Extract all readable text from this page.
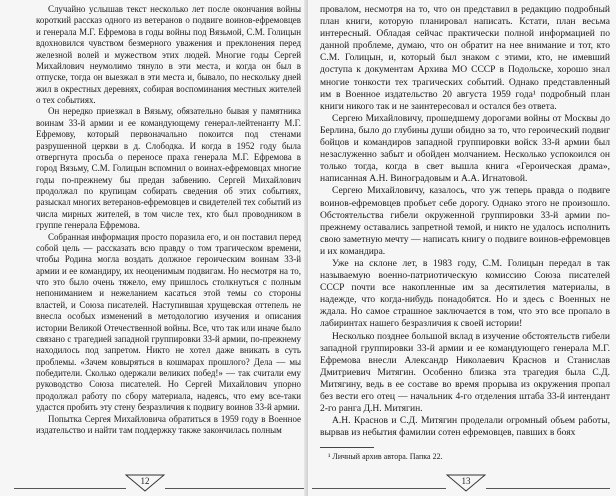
Случайно услышав текст несколько лет после окончания войны короткий рассказ одного из ветеранов о подвиге воинов-ефремовцев и генерала М.Г. Ефремова в годы войны под Вязьмой, С.М. Голицын вдохновился чувством безмерного уважения и преклонения перед железной волей и мужеством этих людей. Многие годы Сергей Михайлович неумолимо тянуло в эти места, и когда он был в отпуске, тогда он выезжал в эти места и, бывало, по нескольку дней жил в окрестных деревнях, собирая воспоминания местных жителей о тех событиях.

Он нередко приезжал в Вязьму, обязательно бывая у памятника воинам 33-й армии и ее командующему генерал-лейтенанту М.Г. Ефремову, который первоначально покоится под стенами разрушенной церкви в д. Слободка. И когда в 1952 году была отвергнута просьба о переносе праха генерала М.Г. Ефремова в город Вязьму, С.М. Голицын вспомнил о воинах-ефремовцах многие годы по-прежнему бы предан забвению. Сергей Михайлович продолжал по крупицам собирать сведения об этих событиях, разыскал многих ветеранов-ефремовцев и свидетелей тех событий из числа мирных жителей, в том числе тех, кто был проводником в группе генерала Ефремова.

Собранная информация просто поразила его, и он поставил перед собой цель — рассказать всю правду о том трагическом времени, чтобы Родина могла воздать должное героическим воинам 33-й армии и ее командиру, их неоценимым подвигам. Но несмотря на то, что это было очень тяжело, ему пришлось столкнуться с полным непониманием и нежеланием касаться этой темы со стороны властей, и Союза писателей. Наступившая хрущевская оттепель не внесла особых изменений в методологию изучения и описания истории Великой Отечественной войны. Все, что так или иначе было связано с трагедией западной группировки 33-й армии, по-прежнему находилось под запретом. Никто не хотел даже вникать в суть проблемы. «Зачем ковыряться в кошмарах прошлого? Дела — мы победители. Сколько одержали великих побед!» — так считали ему руководство Союза писателей. Но Сергей Михайлович упорно продолжал работу по сбору материала, надеясь, что ему все-таки удастся пробить эту стену безразличия к подвигу воинов 33-й армии.

Попытка Сергея Михайловича обратиться в 1959 году в Военное издательство и найти там поддержку также закончилась полным

12

провалом, несмотря на то, что он представил в редакцию подробный план книги, которую планировал написать. Кстати, план весьма интересный. Обладая сейчас практически полной информацией по данной проблеме, думаю, что он обратит на нее внимание и тот, кто С.М. Голицын, и, который был знаком с этими, кто, не имевший доступа к документам Архива МО СССР в Подольске, хорошо знал многие тонкости тех трагических событий. Однако представленный им в Военное издательство 20 августа 1959 года¹ подробный план книги никого так и не заинтересовал и остался без ответа.

Сергею Михайловичу, прошедшему дорогами войны от Москвы до Берлина, было до глубины души обидно за то, что героический подвиг бойцов и командиров западной группировки войск 33-й армии был незаслуженно забыт и обойден молчанием. Несколько успокоился он только тогда, когда в свет вышла книга «Героическая драма», написанная А.Н. Виноградовым и А.А. Игнатовой.

Сергею Михайловичу, казалось, что уж теперь правда о подвиге воинов-ефремовцев пробьет себе дорогу. Однако этого не произошло. Обстоятельства гибели окруженной группировки 33-й армии по-прежнему оставались запретной темой, и никто не удалось исполнить свою заметную мечту — написать книгу о подвиге воинов-ефремовцев и их командира.

Уже на склоне лет, в 1983 году, С.М. Голицын передал в так называемую военно-патриотическую комиссию Союза писателей СССР почти все накопленные им за десятилетия материалы, в надежде, что когда-нибудь понадобятся. Но и здесь с Военных не ждала. Но самое страшное заключается в том, что это все пропало в лабиринтах нашего безразличия к своей истории!

Несколько позднее большой вклад в изучение обстоятельств гибели западной группировки 33-й армии и ее командующего генерала М.Г. Ефремова внесли Александр Николаевич Краснов и Станислав Дмитриевич Митягин. Особенно близка эта трагедия была С.Д. Митягину, ведь в ее составе во время прорыва из окружения пропал без вести его отец — начальник 4-го отделения штаба 33-й интендант 2-го ранга Д.Н. Митягин.

А.Н. Краснов и С.Д. Митягин проделали огромный объем работы, вырвав из небытия фамилии сотен ефремовцев, павших в боях

¹ Личный архив автора. Папка 22.
13
